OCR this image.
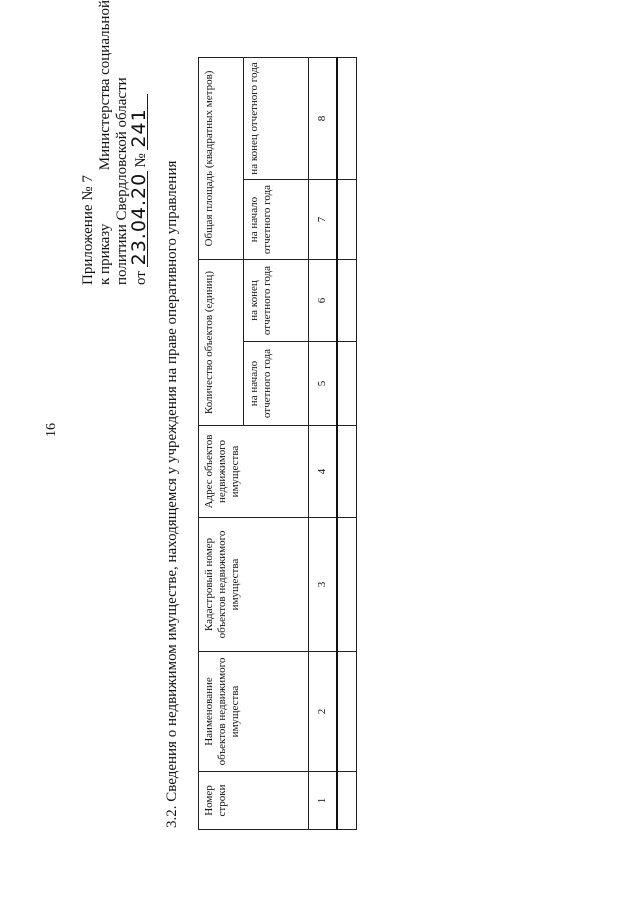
16
Приложение № 7 к приказу
Министерства социальной политики Свердловской области от 23.04.20 № 241
3.2. Сведения о недвижимом имуществе, находящемся у учреждения на праве оперативного управления Номер строки	Наименование объектов недвижимого имущества	Кадастровый номер объектов недвижимого имущества	Адрес объектов недвижимого имущества	Количество объектов (единиц)		Общая площадь (квадратных метров)	
				на начало отчетного года	на конец отчетного года	на начало отчетного года	на конец отчетного года
1	2	3	4	5	6	7	8
